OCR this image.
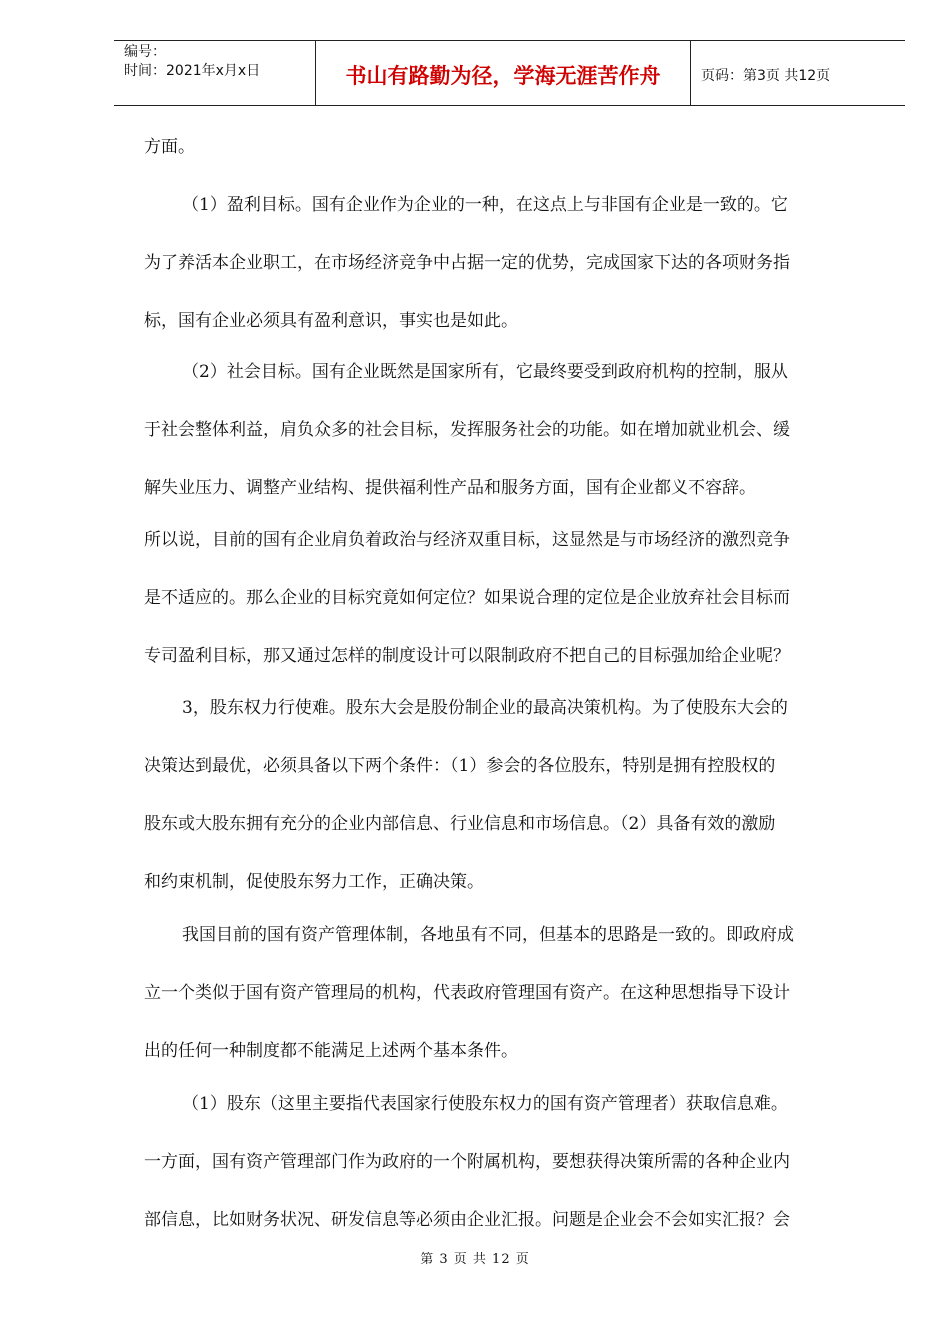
编号：
时间：2021年x月x日	书山有路勤为径，学海无涯苦作舟	页码：第3页 共12页

方面。

（1）盈利目标。国有企业作为企业的一种，在这点上与非国有企业是一致的。它

为了养活本企业职工，在市场经济竞争中占据一定的优势，完成国家下达的各项财务指

标，国有企业必须具有盈利意识，事实也是如此。

（2）社会目标。国有企业既然是国家所有，它最终要受到政府机构的控制，服从

于社会整体利益，肩负众多的社会目标，发挥服务社会的功能。如在增加就业机会、缓

解失业压力、调整产业结构、提供福利性产品和服务方面，国有企业都义不容辞。

所以说，目前的国有企业肩负着政治与经济双重目标，这显然是与市场经济的激烈竞争

是不适应的。那么企业的目标究竟如何定位？如果说合理的定位是企业放弃社会目标而

专司盈利目标，那又通过怎样的制度设计可以限制政府不把自己的目标强加给企业呢？

3，股东权力行使难。股东大会是股份制企业的最高决策机构。为了使股东大会的

决策达到最优，必须具备以下两个条件：（1）参会的各位股东，特别是拥有控股权的

股东或大股东拥有充分的企业内部信息、行业信息和市场信息。（2）具备有效的激励

和约束机制，促使股东努力工作，正确决策。

我国目前的国有资产管理体制，各地虽有不同，但基本的思路是一致的。即政府成

立一个类似于国有资产管理局的机构，代表政府管理国有资产。在这种思想指导下设计

出的任何一种制度都不能满足上述两个基本条件。

（1）股东（这里主要指代表国家行使股东权力的国有资产管理者）获取信息难。

一方面，国有资产管理部门作为政府的一个附属机构，要想获得决策所需的各种企业内

部信息，比如财务状况、研发信息等必须由企业汇报。问题是企业会不会如实汇报？会

第 3 页 共 12 页
